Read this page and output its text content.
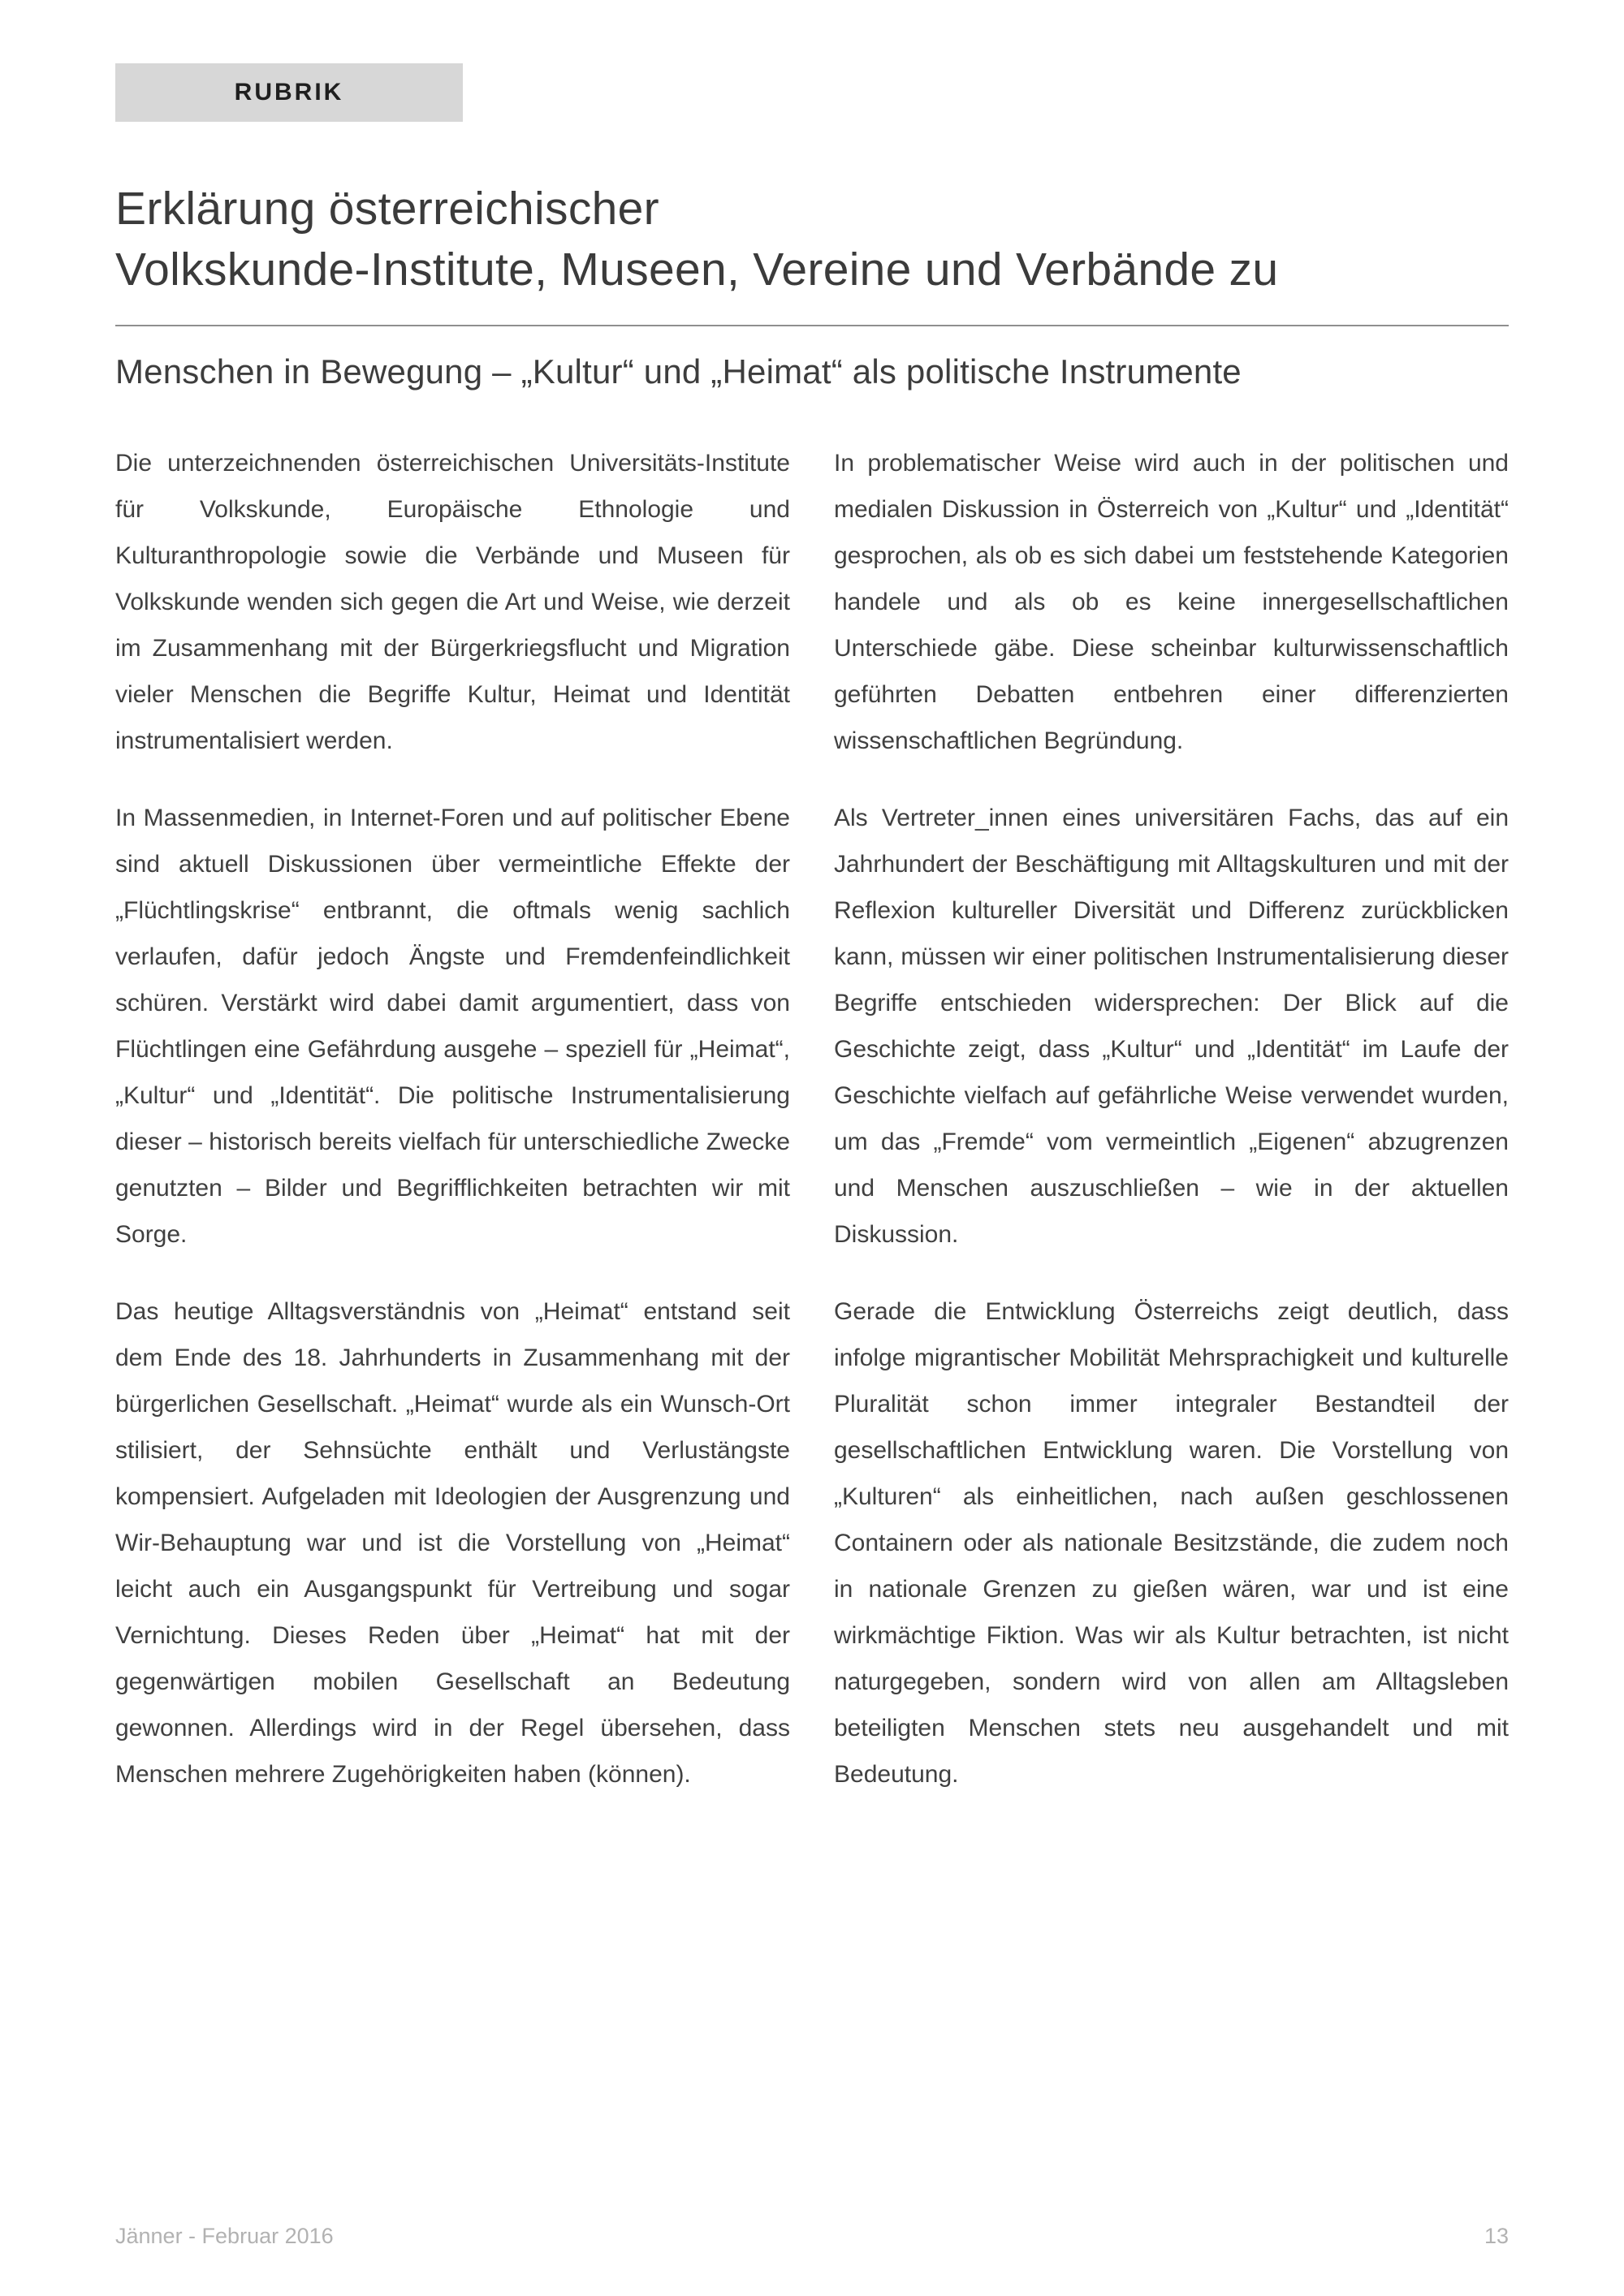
RUBRIK
Erklärung österreichischer
Volkskunde-Institute, Museen, Vereine und Verbände zu
Menschen in Bewegung – „Kultur“ und „Heimat“ als politische Instrumente

Die unterzeichnenden österreichischen Universitäts-Institute für Volkskunde, Europäische Ethnologie und Kulturanthropologie sowie die Verbände und Museen für Volkskunde wenden sich gegen die Art und Weise, wie derzeit im Zusammenhang mit der Bürgerkriegsflucht und Migration vieler Menschen die Begriffe Kultur, Heimat und Identität instrumentalisiert werden.

In Massenmedien, in Internet-Foren und auf politischer Ebene sind aktuell Diskussionen über vermeintliche Effekte der „Flüchtlingskrise“ entbrannt, die oftmals wenig sachlich verlaufen, dafür jedoch Ängste und Fremdenfeindlichkeit schüren. Verstärkt wird dabei damit argumentiert, dass von Flüchtlingen eine Gefährdung ausgehe – speziell für „Heimat“, „Kultur“ und „Identität“. Die politische Instrumentalisierung dieser – historisch bereits vielfach für unterschiedliche Zwecke genutzten – Bilder und Begrifflichkeiten betrachten wir mit Sorge.

Das heutige Alltagsverständnis von „Heimat“ entstand seit dem Ende des 18. Jahrhunderts in Zusammenhang mit der bürgerlichen Gesellschaft. „Heimat“ wurde als ein Wunsch-Ort stilisiert, der Sehnsüchte enthält und Verlustängste kompensiert. Aufgeladen mit Ideologien der Ausgrenzung und Wir-Behauptung war und ist die Vorstellung von „Heimat“ leicht auch ein Ausgangspunkt für Vertreibung und sogar Vernichtung. Dieses Reden über „Heimat“ hat mit der gegenwärtigen mobilen Gesellschaft an Bedeutung gewonnen. Allerdings wird in der Regel übersehen, dass Menschen mehrere Zugehörigkeiten haben (können).

In problematischer Weise wird auch in der politischen und medialen Diskussion in Österreich von „Kultur“ und „Identität“ gesprochen, als ob es sich dabei um feststehende Kategorien handele und als ob es keine innergesellschaftlichen Unterschiede gäbe. Diese scheinbar kulturwissenschaftlich geführten Debatten entbehren einer differenzierten wissenschaftlichen Begründung.

Als Vertreter_innen eines universitären Fachs, das auf ein Jahrhundert der Beschäftigung mit Alltagskulturen und mit der Reflexion kultureller Diversität und Differenz zurückblicken kann, müssen wir einer politischen Instrumentalisierung dieser Begriffe entschieden widersprechen: Der Blick auf die Geschichte zeigt, dass „Kultur“ und „Identität“ im Laufe der Geschichte vielfach auf gefährliche Weise verwendet wurden, um das „Fremde“ vom vermeintlich „Eigenen“ abzugrenzen und Menschen auszuschließen – wie in der aktuellen Diskussion.

Gerade die Entwicklung Österreichs zeigt deutlich, dass infolge migrantischer Mobilität Mehrsprachigkeit und kulturelle Pluralität schon immer integraler Bestandteil der gesellschaftlichen Entwicklung waren. Die Vorstellung von „Kulturen“ als einheitlichen, nach außen geschlossenen Containern oder als nationale Besitzstände, die zudem noch in nationale Grenzen zu gießen wären, war und ist eine wirkmächtige Fiktion. Was wir als Kultur betrachten, ist nicht naturgegeben, sondern wird von allen am Alltagsleben beteiligten Menschen stets neu ausgehandelt und mit Bedeutung.

Jänner - Februar 2016	13
